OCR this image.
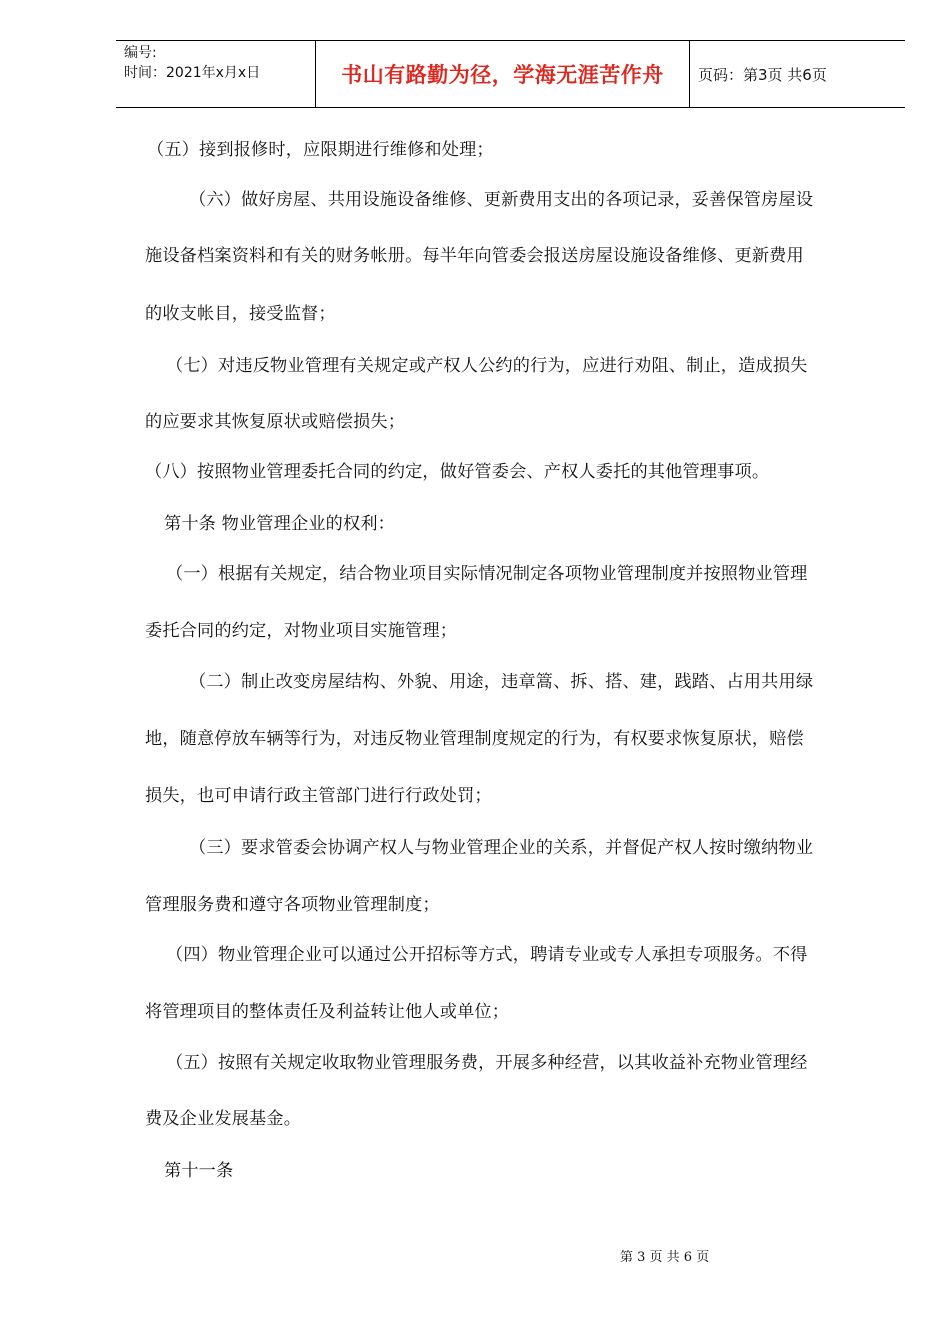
编号:
时间：2021年x月x日	书山有路勤为径，学海无涯苦作舟 页码：第3页 共6页
（五）接到报修时，应限期进行维修和处理；
（六）做好房屋、共用设施设备维修、更新费用支出的各项记录，妥善保管房屋设
施设备档案资料和有关的财务帐册。每半年向管委会报送房屋设施设备维修、更新费用
的收支帐目，接受监督；
（七）对违反物业管理有关规定或产权人公约的行为，应进行劝阻、制止，造成损失
的应要求其恢复原状或赔偿损失；
（八）按照物业管理委托合同的约定，做好管委会、产权人委托的其他管理事项。
第十条 物业管理企业的权利：
（一）根据有关规定，结合物业项目实际情况制定各项物业管理制度并按照物业管理
委托合同的约定，对物业项目实施管理；
（二）制止改变房屋结构、外貌、用途，违章篙、拆、搭、建，践踏、占用共用绿
地，随意停放车辆等行为，对违反物业管理制度规定的行为，有权要求恢复原状，赔偿
损失，也可申请行政主管部门进行行政处罚；
（三）要求管委会协调产权人与物业管理企业的关系，并督促产权人按时缴纳物业
管理服务费和遵守各项物业管理制度；
（四）物业管理企业可以通过公开招标等方式，聘请专业或专人承担专项服务。不得
将管理项目的整体责任及利益转让他人或单位；
（五）按照有关规定收取物业管理服务费，开展多种经营，以其收益补充物业管理经
费及企业发展基金。
第十一条
第 3 页 共 6 页
